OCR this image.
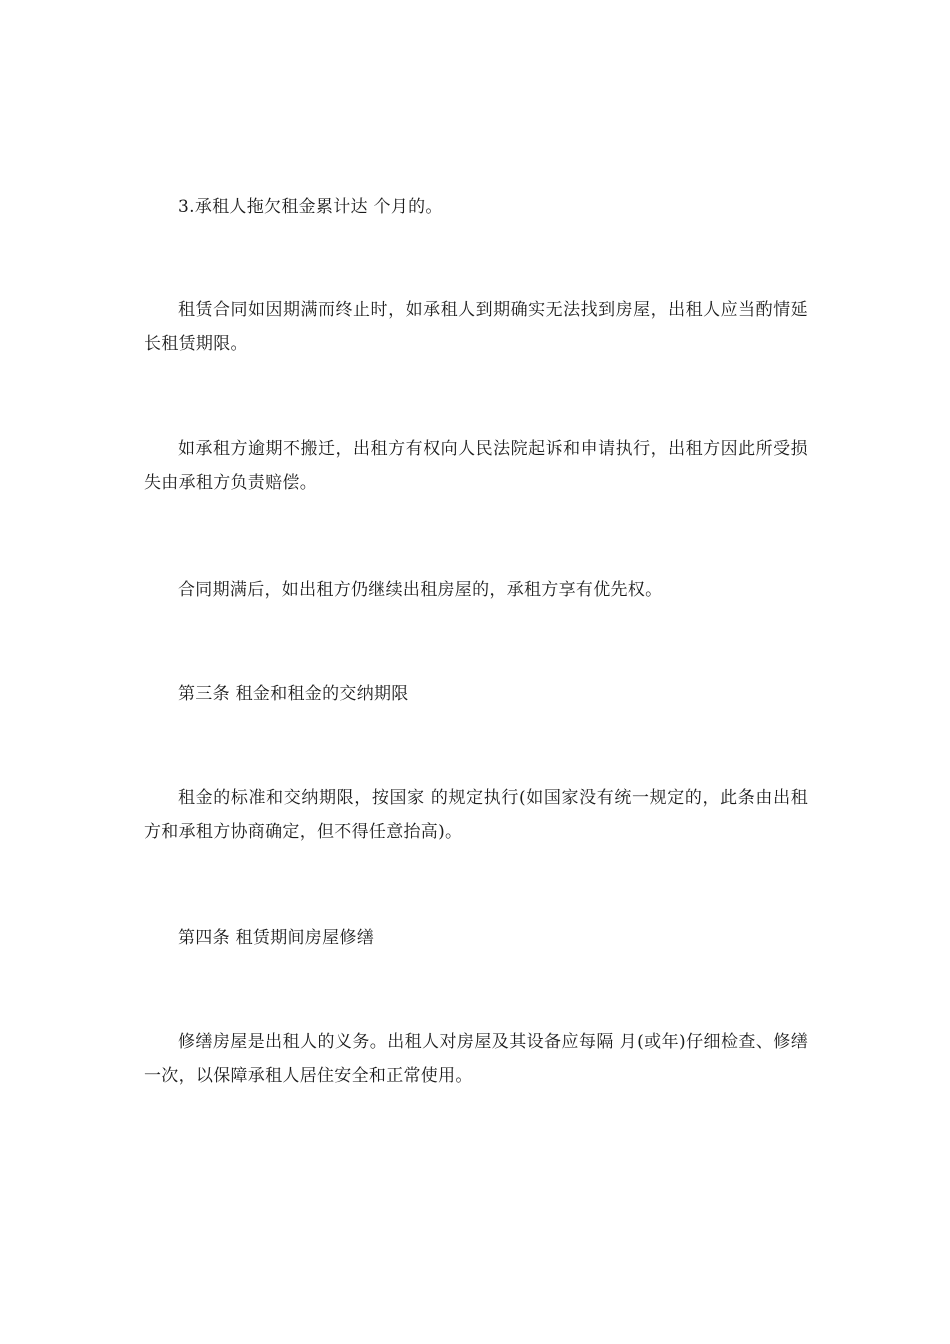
3.承租人拖欠租金累计达 个月的。

租赁合同如因期满而终止时，如承租人到期确实无法找到房屋，出租人应当酌情延长租赁期限。

如承租方逾期不搬迁，出租方有权向人民法院起诉和申请执行，出租方因此所受损失由承租方负责赔偿。

合同期满后，如出租方仍继续出租房屋的，承租方享有优先权。

第三条 租金和租金的交纳期限

租金的标准和交纳期限，按国家 的规定执行(如国家没有统一规定的，此条由出租方和承租方协商确定，但不得任意抬高)。

第四条 租赁期间房屋修缮

修缮房屋是出租人的义务。出租人对房屋及其设备应每隔 月(或年)仔细检查、修缮一次，以保障承租人居住安全和正常使用。
